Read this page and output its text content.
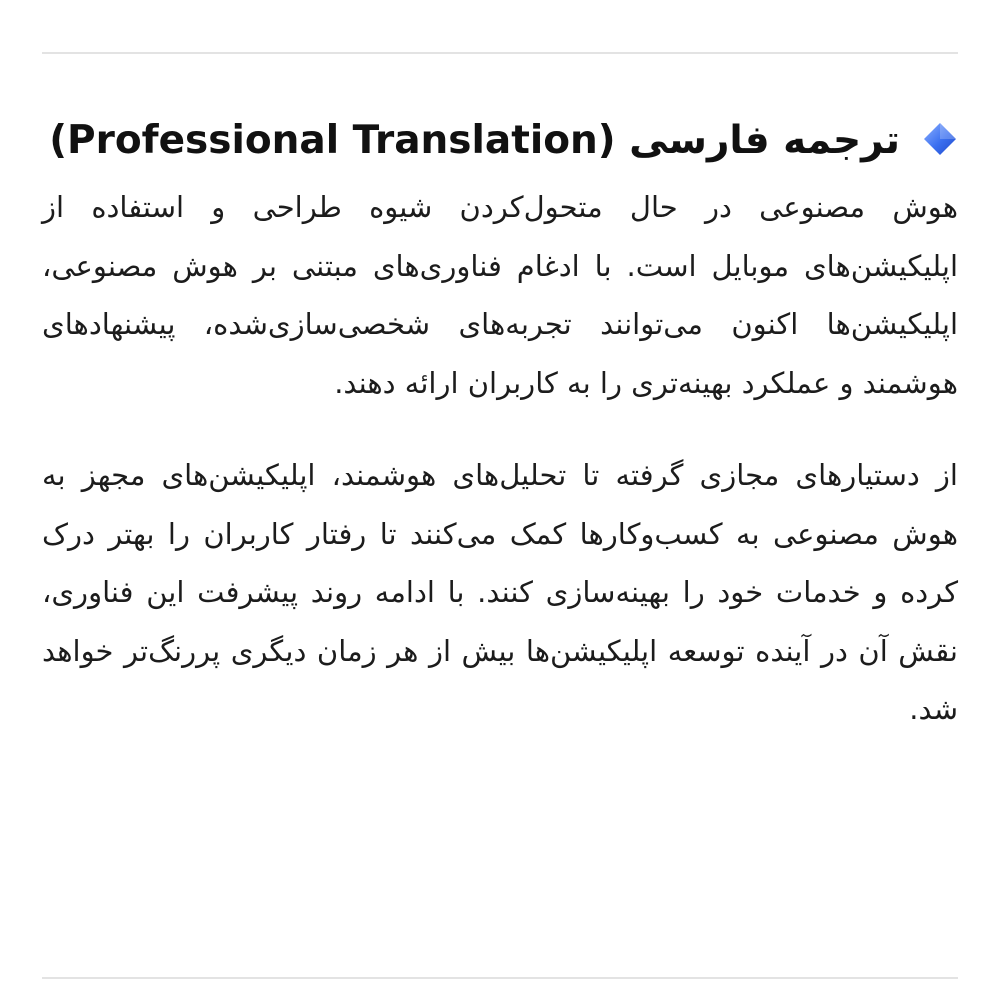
ترجمه فارسی (Professional Translation)

هوش مصنوعی در حال متحول‌کردن شیوه طراحی و استفاده از اپلیکیشن‌های موبایل است. با ادغام فناوری‌های مبتنی بر هوش مصنوعی، اپلیکیشن‌ها اکنون می‌توانند تجربه‌های شخصی‌سازی‌شده، پیشنهادهای هوشمند و عملکرد بهینه‌تری را به کاربران ارائه دهند.

از دستیارهای مجازی گرفته تا تحلیل‌های هوشمند، اپلیکیشن‌های مجهز به هوش مصنوعی به کسب‌وکارها کمک می‌کنند تا رفتار کاربران را بهتر درک کرده و خدمات خود را بهینه‌سازی کنند. با ادامه روند پیشرفت این فناوری، نقش آن در آینده توسعه اپلیکیشن‌ها بیش از هر زمان دیگری پررنگ‌تر خواهد شد.
